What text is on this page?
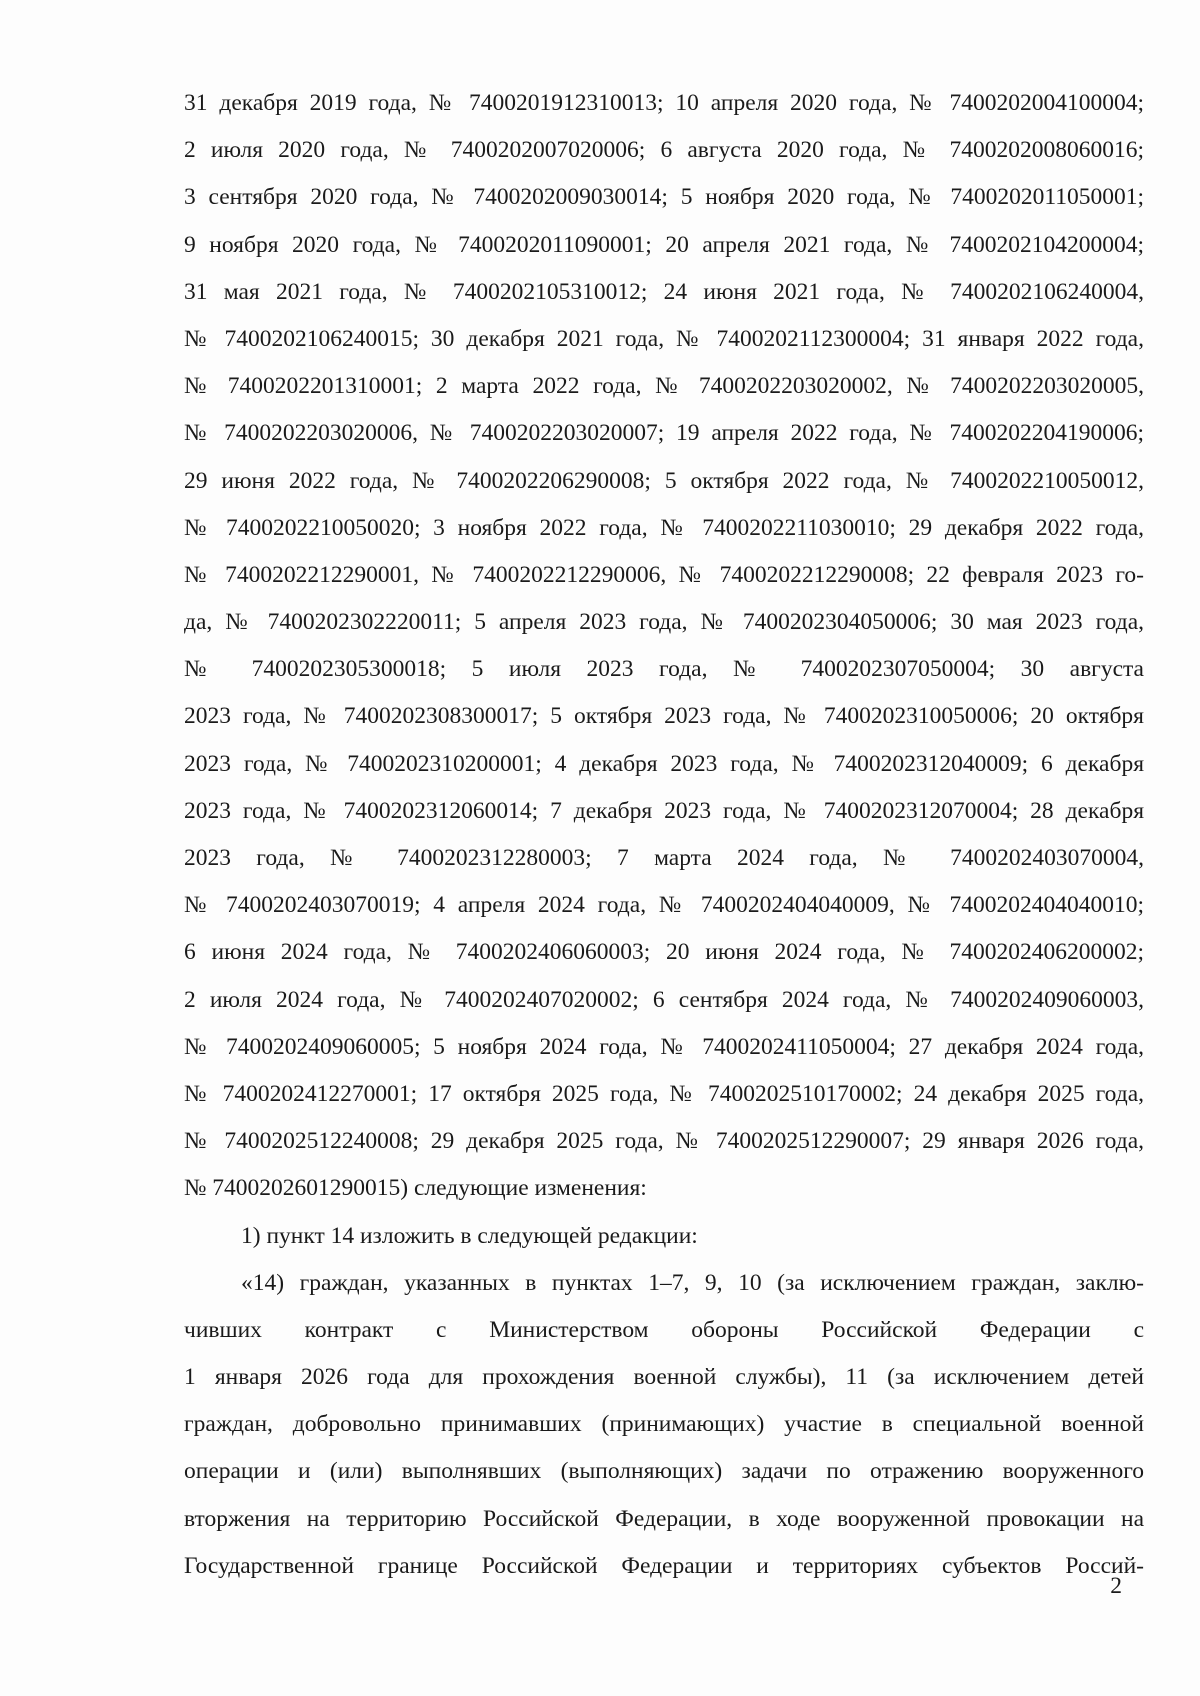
31 декабря 2019 года, № 7400201912310013; 10 апреля 2020 года, № 7400202004100004;
2 июля 2020 года, № 7400202007020006; 6 августа 2020 года, № 7400202008060016;
3 сентября 2020 года, № 7400202009030014; 5 ноября 2020 года, № 7400202011050001;
9 ноября 2020 года, № 7400202011090001; 20 апреля 2021 года, № 7400202104200004;
31 мая 2021 года, № 7400202105310012; 24 июня 2021 года, № 7400202106240004,
№ 7400202106240015; 30 декабря 2021 года, № 7400202112300004; 31 января 2022 года,
№ 7400202201310001; 2 марта 2022 года, № 7400202203020002, № 7400202203020005,
№ 7400202203020006, № 7400202203020007; 19 апреля 2022 года, № 7400202204190006;
29 июня 2022 года, № 7400202206290008; 5 октября 2022 года, № 7400202210050012,
№ 7400202210050020; 3 ноября 2022 года, № 7400202211030010; 29 декабря 2022 года,
№ 7400202212290001, № 7400202212290006, № 7400202212290008; 22 февраля 2023 го-
да, № 7400202302220011; 5 апреля 2023 года, № 7400202304050006; 30 мая 2023 года,
№ 7400202305300018; 5 июля 2023 года, № 7400202307050004; 30 августа
2023 года, № 7400202308300017; 5 октября 2023 года, № 7400202310050006; 20 октября
2023 года, № 7400202310200001; 4 декабря 2023 года, № 7400202312040009; 6 декабря
2023 года, № 7400202312060014; 7 декабря 2023 года, № 7400202312070004; 28 декабря
2023 года, № 7400202312280003; 7 марта 2024 года, № 7400202403070004,
№ 7400202403070019; 4 апреля 2024 года, № 7400202404040009, № 7400202404040010;
6 июня 2024 года, № 7400202406060003; 20 июня 2024 года, № 7400202406200002;
2 июля 2024 года, № 7400202407020002; 6 сентября 2024 года, № 7400202409060003,
№ 7400202409060005; 5 ноября 2024 года, № 7400202411050004; 27 декабря 2024 года,
№ 7400202412270001; 17 октября 2025 года, № 7400202510170002; 24 декабря 2025 года,
№ 7400202512240008; 29 декабря 2025 года, № 7400202512290007; 29 января 2026 года,
№ 7400202601290015) следующие изменения:
1) пункт 14 изложить в следующей редакции:
«14) граждан, указанных в пунктах 1–7, 9, 10 (за исключением граждан, заклю-
чивших контракт с Министерством обороны Российской Федерации с
1 января 2026 года для прохождения военной службы), 11 (за исключением детей
граждан, добровольно принимавших (принимающих) участие в специальной военной
операции и (или) выполнявших (выполняющих) задачи по отражению вооруженного
вторжения на территорию Российской Федерации, в ходе вооруженной провокации на
Государственной границе Российской Федерации и территориях субъектов Россий-
2
